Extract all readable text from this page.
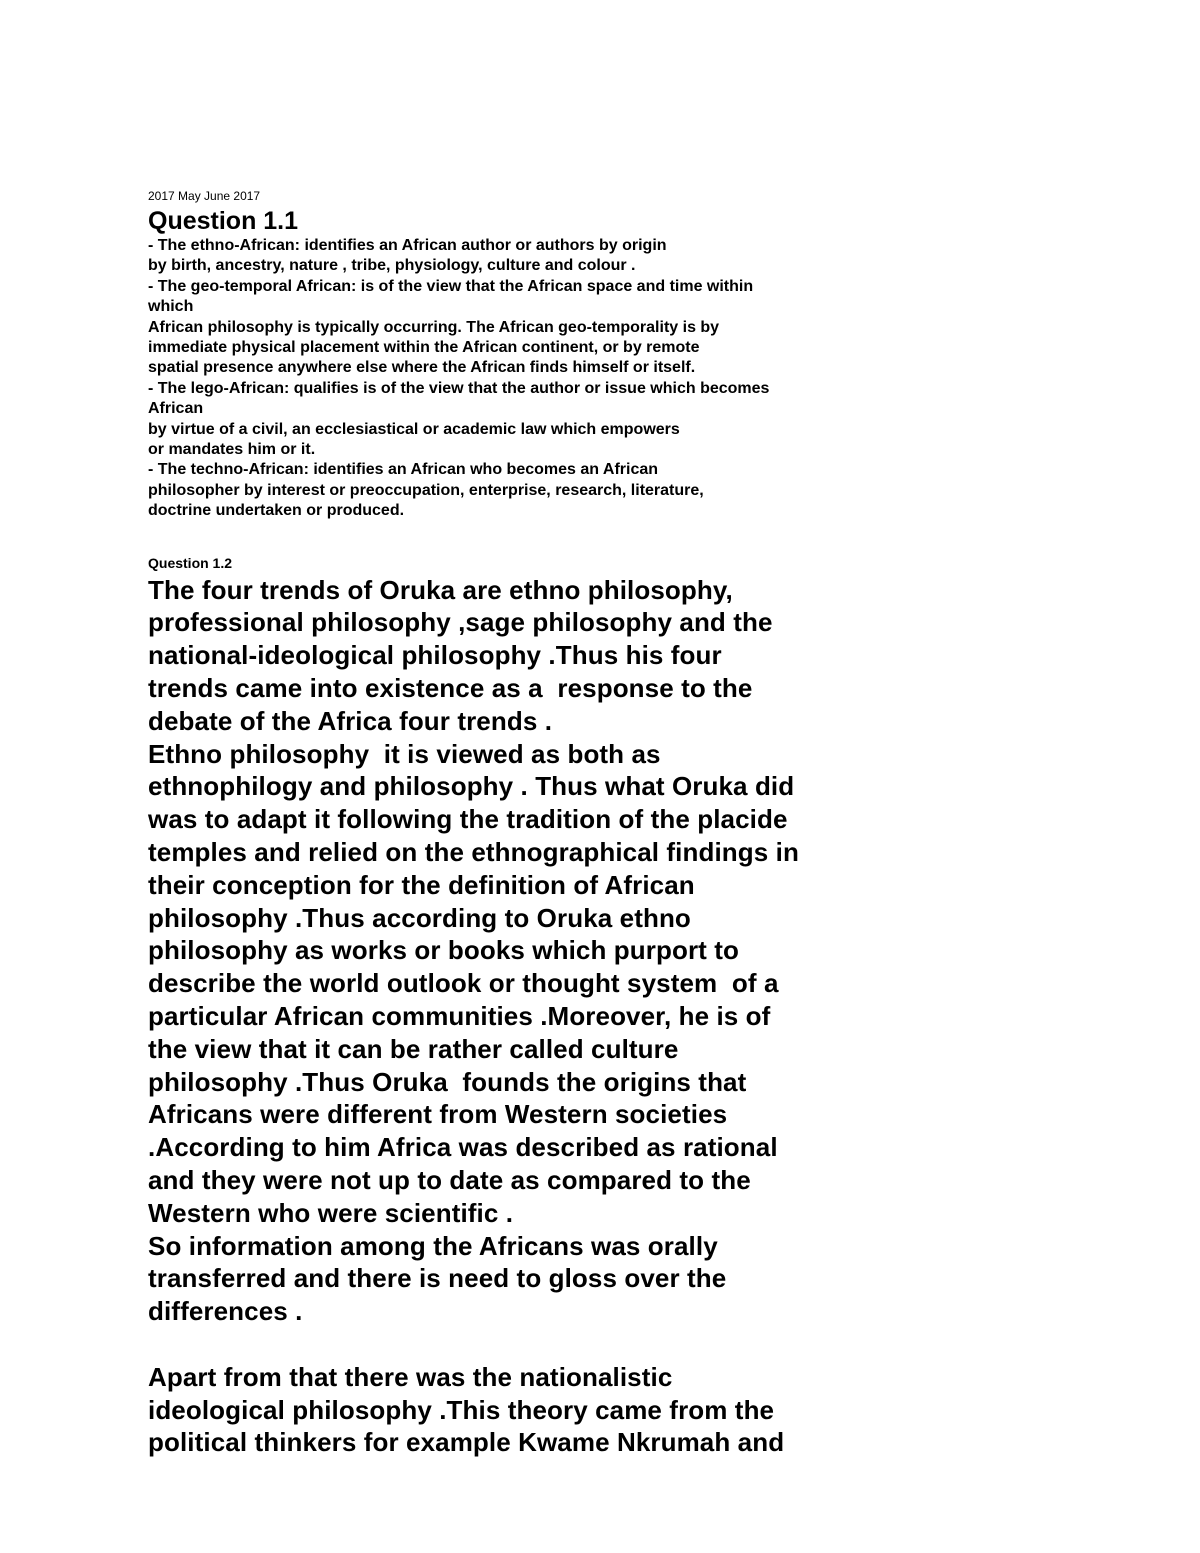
2017 May June 2017

Question 1.1
- The ethno-African: identifies an African author or authors by origin
by birth, ancestry, nature , tribe, physiology, culture and colour .
- The geo-temporal African: is of the view that the African space and time within
which
African philosophy is typically occurring. The African geo-temporality is by
immediate physical placement within the African continent, or by remote
spatial presence anywhere else where the African finds himself or itself.
- The lego-African: qualifies is of the view that the author or issue which becomes
African
by virtue of a civil, an ecclesiastical or academic law which empowers
or mandates him or it.
- The techno-African: identifies an African who becomes an African
philosopher by interest or preoccupation, enterprise, research, literature,
doctrine undertaken or produced.

Question 1.2

The four trends of Oruka are ethno philosophy,
professional philosophy ,sage philosophy and the
national-ideological philosophy .Thus his four
trends came into existence as a  response to the
debate of the Africa four trends .
Ethno philosophy  it is viewed as both as
ethnophilogy and philosophy . Thus what Oruka did
was to adapt it following the tradition of the placide
temples and relied on the ethnographical findings in
their conception for the definition of African
philosophy .Thus according to Oruka ethno
philosophy as works or books which purport to
describe the world outlook or thought system  of a
particular African communities .Moreover, he is of
the view that it can be rather called culture
philosophy .Thus Oruka  founds the origins that
Africans were different from Western societies
.According to him Africa was described as rational
and they were not up to date as compared to the
Western who were scientific .
So information among the Africans was orally
transferred and there is need to gloss over the
differences .
Apart from that there was the nationalistic
ideological philosophy .This theory came from the
political thinkers for example Kwame Nkrumah and
